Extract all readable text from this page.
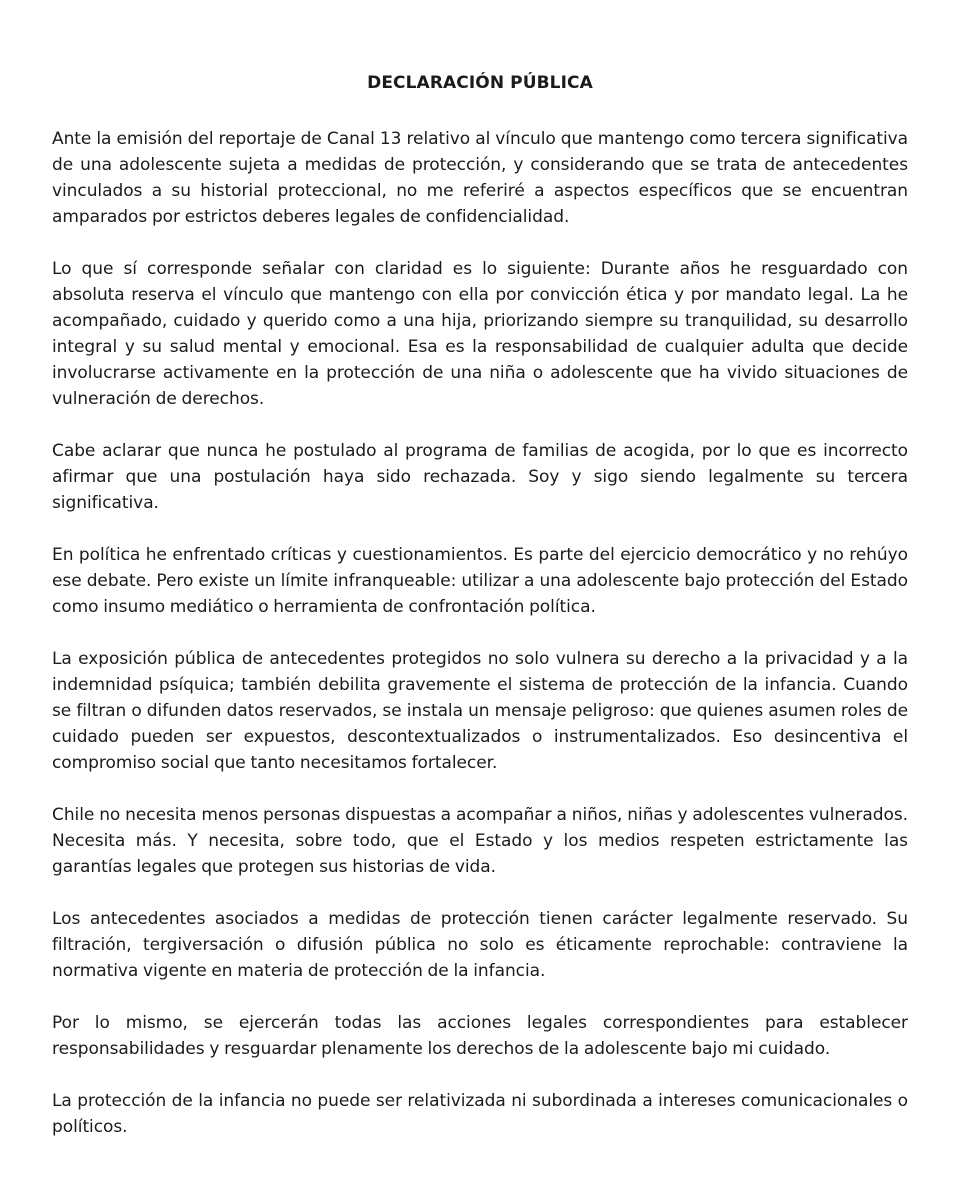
DECLARACIÓN PÚBLICA

Ante la emisión del reportaje de Canal 13 relativo al vínculo que mantengo como tercera significativa de una adolescente sujeta a medidas de protección, y considerando que se trata de antecedentes vinculados a su historial proteccional, no me referiré a aspectos específicos que se encuentran amparados por estrictos deberes legales de confidencialidad.

Lo que sí corresponde señalar con claridad es lo siguiente: Durante años he resguardado con absoluta reserva el vínculo que mantengo con ella por convicción ética y por mandato legal. La he acompañado, cuidado y querido como a una hija, priorizando siempre su tranquilidad, su desarrollo integral y su salud mental y emocional. Esa es la responsabilidad de cualquier adulta que decide involucrarse activamente en la protección de una niña o adolescente que ha vivido situaciones de vulneración de derechos.

Cabe aclarar que nunca he postulado al programa de familias de acogida, por lo que es incorrecto afirmar que una postulación haya sido rechazada. Soy y sigo siendo legalmente su tercera significativa.

En política he enfrentado críticas y cuestionamientos. Es parte del ejercicio democrático y no rehúyo ese debate. Pero existe un límite infranqueable: utilizar a una adolescente bajo protección del Estado como insumo mediático o herramienta de confrontación política.

La exposición pública de antecedentes protegidos no solo vulnera su derecho a la privacidad y a la indemnidad psíquica; también debilita gravemente el sistema de protección de la infancia. Cuando se filtran o difunden datos reservados, se instala un mensaje peligroso: que quienes asumen roles de cuidado pueden ser expuestos, descontextualizados o instrumentalizados. Eso desincentiva el compromiso social que tanto necesitamos fortalecer.

Chile no necesita menos personas dispuestas a acompañar a niños, niñas y adolescentes vulnerados. Necesita más. Y necesita, sobre todo, que el Estado y los medios respeten estrictamente las garantías legales que protegen sus historias de vida.

Los antecedentes asociados a medidas de protección tienen carácter legalmente reservado. Su filtración, tergiversación o difusión pública no solo es éticamente reprochable: contraviene la normativa vigente en materia de protección de la infancia.

Por lo mismo, se ejercerán todas las acciones legales correspondientes para establecer responsabilidades y resguardar plenamente los derechos de la adolescente bajo mi cuidado.

La protección de la infancia no puede ser relativizada ni subordinada a intereses comunicacionales o políticos.
